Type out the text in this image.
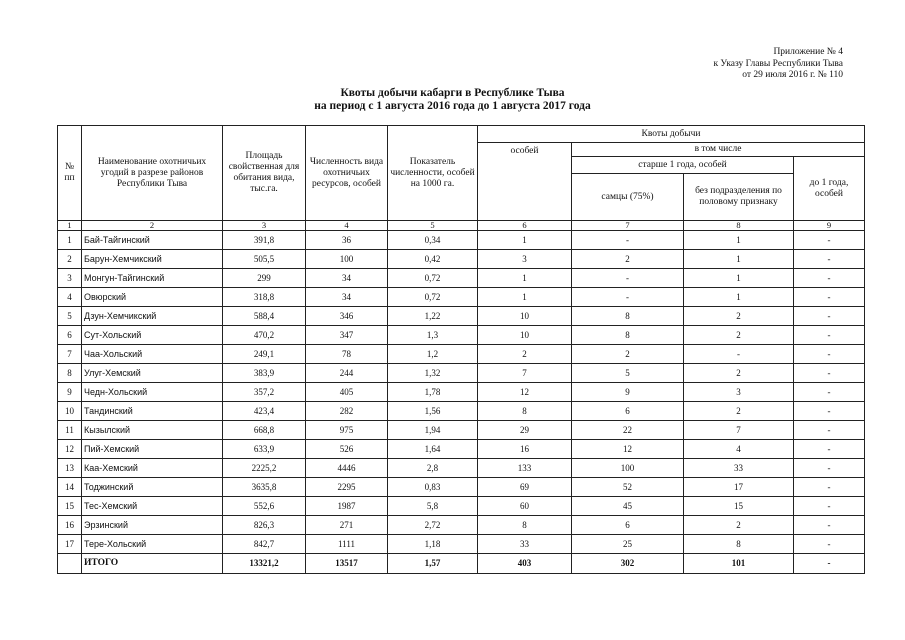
Приложение № 4
к Указу Главы Республики Тыва
от 29 июля 2016 г. № 110
Квоты добычи кабарги в Республике Тыва
на период с 1 августа 2016 года до 1 августа 2017 года
№ пп	Наименование охотничьих угодий в разрезе районов Республики Тыва	Площадь свойственная для обитания вида, тыс.га.	Численность вида охотничьих ресурсов, особей	Показатель численности, особей на 1000 га.	Квоты добычи			
					особей	в том числе		
						старше 1 года, особей		до 1 года, особей
						самцы (75%)	без подразделения по половому признаку	
1	2	3	4	5	6	7	8	9
1	Бай-Тайгинский	391,8	36	0,34	1	-	1	-
2	Барун-Хемчикский	505,5	100	0,42	3	2	1	-
3	Монгун-Тайгинский	299	34	0,72	1	-	1	-
4	Овюрский	318,8	34	0,72	1	-	1	-
5	Дзун-Хемчикский	588,4	346	1,22	10	8	2	-
6	Сут-Хольский	470,2	347	1,3	10	8	2	-
7	Чаа-Хольский	249,1	78	1,2	2	2	-	-
8	Улуг-Хемский	383,9	244	1,32	7	5	2	-
9	Чедн-Хольский	357,2	405	1,78	12	9	3	-
10	Тандинский	423,4	282	1,56	8	6	2	-
11	Кызылский	668,8	975	1,94	29	22	7	-
12	Пий-Хемский	633,9	526	1,64	16	12	4	-
13	Каа-Хемский	2225,2	4446	2,8	133	100	33	-
14	Тоджинский	3635,8	2295	0,83	69	52	17	-
15	Тес-Хемский	552,6	1987	5,8	60	45	15	-
16	Эрзинский	826,3	271	2,72	8	6	2	-
17	Тере-Хольский	842,7	1111	1,18	33	25	8	-
	ИТОГО	13321,2	13517	1,57	403	302	101	-
